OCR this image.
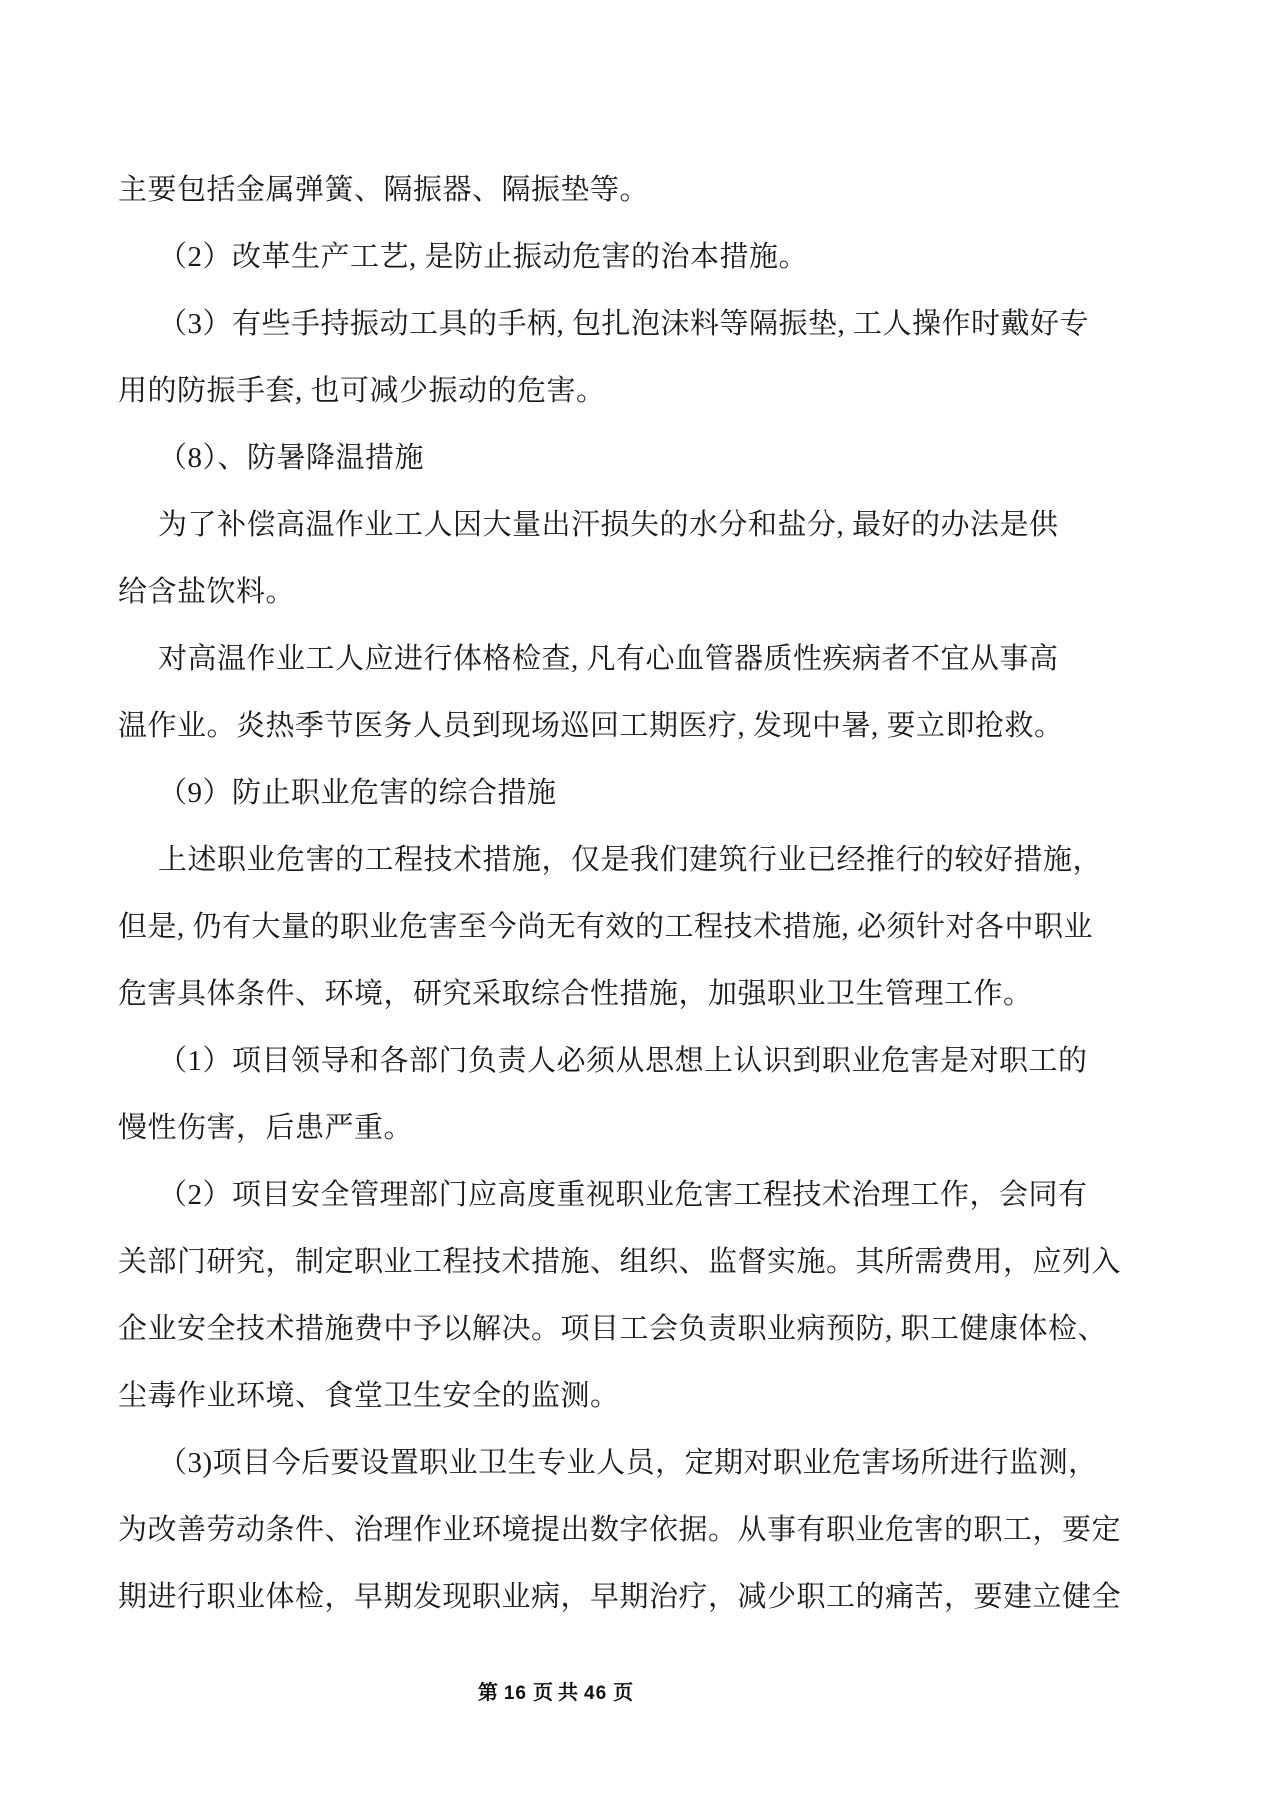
主要包括金属弹簧、隔振器、隔振垫等。
（2）改革生产工艺, 是防止振动危害的治本措施。
（3）有些手持振动工具的手柄, 包扎泡沫料等隔振垫, 工人操作时戴好专
用的防振手套, 也可减少振动的危害。
（8）、防暑降温措施
为了补偿高温作业工人因大量出汗损失的水分和盐分, 最好的办法是供
给含盐饮料。
对高温作业工人应进行体格检查, 凡有心血管器质性疾病者不宜从事高
温作业。炎热季节医务人员到现场巡回工期医疗, 发现中暑, 要立即抢救。
（9）防止职业危害的综合措施
上述职业危害的工程技术措施，仅是我们建筑行业已经推行的较好措施，
但是, 仍有大量的职业危害至今尚无有效的工程技术措施, 必须针对各中职业
危害具体条件、环境，研究采取综合性措施，加强职业卫生管理工作。
（1）项目领导和各部门负责人必须从思想上认识到职业危害是对职工的
慢性伤害，后患严重。
（2）项目安全管理部门应高度重视职业危害工程技术治理工作，会同有
关部门研究，制定职业工程技术措施、组织、监督实施。其所需费用，应列入
企业安全技术措施费中予以解决。项目工会负责职业病预防, 职工健康体检、
尘毒作业环境、食堂卫生安全的监测。
（3)项目今后要设置职业卫生专业人员，定期对职业危害场所进行监测，
为改善劳动条件、治理作业环境提出数字依据。从事有职业危害的职工，要定
期进行职业体检，早期发现职业病，早期治疗，减少职工的痛苦，要建立健全
第 16 页 共 46 页
